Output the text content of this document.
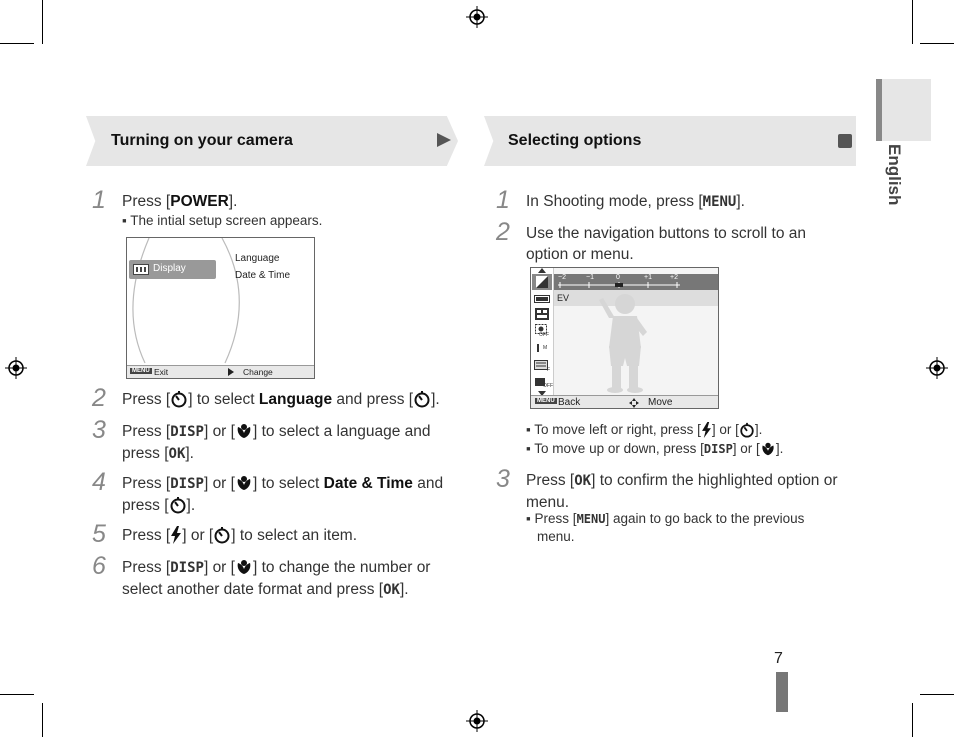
English
Turning on your camera
1 Press [POWER].
▪ The intial setup screen appears.
Display
Language
Date & Time
MENU Exit	Change
2 Press [ ] to select Language and press [ ].
3 Press [DISP] or [ ] to select a language and
press [OK].
4 Press [DISP] or [ ] to select Date & Time and
press [ ].
5 Press [ ] or [ ] to select an item.
6 Press [DISP] or [ ] to change the number or
select another date format and press [OK].
Selecting options
1 In Shooting mode, press [MENU].
2 Use the navigation buttons to scroll to an
option or menu.
OFF
M
F
OFF
−2	−1	0	+1	+2
EV
MENU Back	Move
▪ To move left or right, press [ ] or [ ].
▪ To move up or down, press [DISP] or [ ].
3 Press [OK] to confirm the highlighted option or
menu.
▪ Press [MENU] again to go back to the previous
menu.
7
